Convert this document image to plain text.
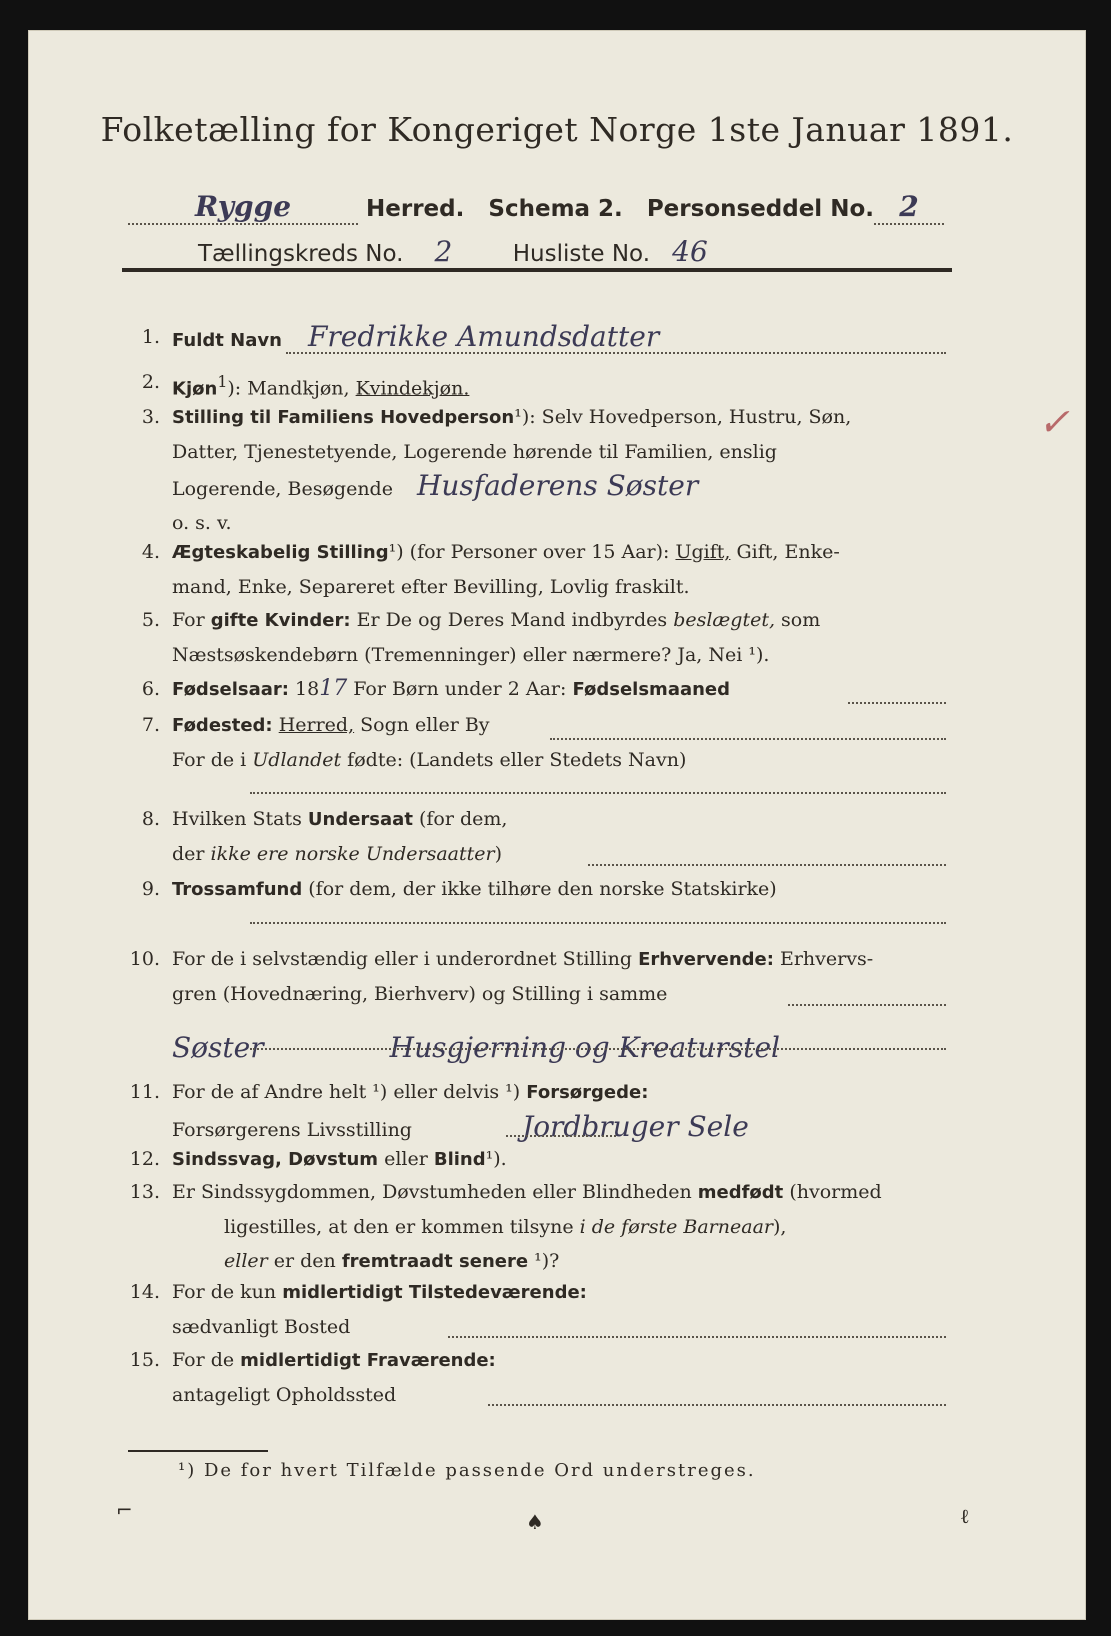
Folketælling for Kongeriget Norge 1ste Januar 1891.
Rygge	Herred. Schema 2. Personseddel No. 2
Tællingskreds No. 2	Husliste No. 46
1. Fuldt Navn Fredrikke Amundsdatter
2. Kjøn$^1$): Mandkjøn, Kvindekjøn.
3. Stilling til Familiens Hovedperson¹): Selv Hovedperson, Hustru, Søn,
Datter, Tjenestetyende, Logerende hørende til Familien, enslig
Logerende, Besøgende Husfaderens Søster
o. s. v.
4. Ægteskabelig Stilling¹) (for Personer over 15 Aar): Ugift, Gift, Enke-
mand, Enke, Separeret efter Bevilling, Lovlig fraskilt.
5. For gifte Kvinder: Er De og Deres Mand indbyrdes beslægtet, som
Næstsøskendebørn (Tremenninger) eller nærmere? Ja, Nei ¹).
6. Fødselsaar: 1817 For Børn under 2 Aar: Fødselsmaaned
7. Fødested: Herred, Sogn eller By
For de i Udlandet fødte: (Landets eller Stedets Navn)
8. Hvilken Stats Undersaat (for dem,
der ikke ere norske Undersaatter)
9. Trossamfund (for dem, der ikke tilhøre den norske Statskirke)
10. For de i selvstændig eller i underordnet Stilling Erhvervende: Erhvervs-
gren (Hovednæring, Bierhverv) og Stilling i samme
Søster	Husgjerning og Kreaturstel
11. For de af Andre helt ¹) eller delvis ¹) Forsørgede:
Forsørgerens Livsstilling	Jordbruger Sele
12. Sindssvag, Døvstum eller Blind¹).
13. Er Sindssygdommen, Døvstumheden eller Blindheden medfødt (hvormed
ligestilles, at den er kommen tilsyne i de første Barneaar),
eller er den fremtraadt senere ¹)?
14. For de kun midlertidigt Tilstedeværende:
sædvanligt Bosted
15. For de midlertidigt Fraværende:
antageligt Opholdssted
¹) De for hvert Tilfælde passende Ord understreges.
✓
⌐	♠	ℓ
